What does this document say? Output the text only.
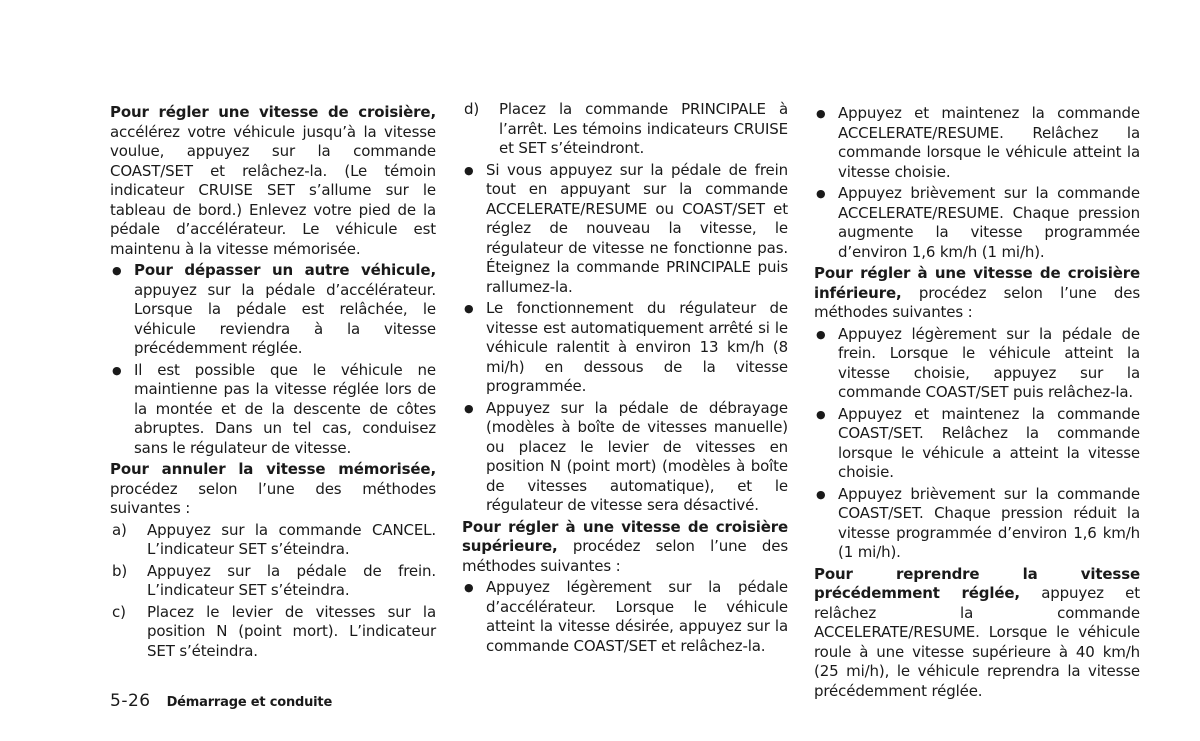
Pour régler une vitesse de croisière, accélérez votre véhicule jusqu’à la vitesse voulue, appuyez sur la commande COAST/SET et relâchez-la. (Le témoin indicateur CRUISE SET s’allume sur le tableau de bord.) Enlevez votre pied de la pédale d’accélérateur. Le véhicule est maintenu à la vitesse mémorisée.

● Pour dépasser un autre véhicule, appuyez sur la pédale d’accélérateur. Lorsque la pédale est relâchée, le véhicule reviendra à la vitesse précédemment réglée.
● Il est possible que le véhicule ne maintienne pas la vitesse réglée lors de la montée et de la descente de côtes abruptes. Dans un tel cas, conduisez sans le régulateur de vitesse.

Pour annuler la vitesse mémorisée, procédez selon l’une des méthodes suivantes :

a)	Appuyez sur la commande CANCEL. L’indicateur SET s’éteindra.
b)	Appuyez sur la pédale de frein. L’indicateur SET s’éteindra.
c)	Placez le levier de vitesses sur la position N (point mort). L’indicateur SET s’éteindra.
d)	Placez la commande PRINCIPALE à l’arrêt. Les témoins indicateurs CRUISE et SET s’éteindront.
● Si vous appuyez sur la pédale de frein tout en appuyant sur la commande ACCELERATE/RESUME ou COAST/SET et réglez de nouveau la vitesse, le régulateur de vitesse ne fonctionne pas. Éteignez la commande PRINCIPALE puis rallumez-la.
● Le fonctionnement du régulateur de vitesse est automatiquement arrêté si le véhicule ralentit à environ 13 km/h (8 mi/h) en dessous de la vitesse programmée.
● Appuyez sur la pédale de débrayage (modèles à boîte de vitesses manuelle) ou placez le levier de vitesses en position N (point mort) (modèles à boîte de vitesses automatique), et le régulateur de vitesse sera désactivé.

Pour régler à une vitesse de croisière supérieure, procédez selon l’une des méthodes suivantes :

● Appuyez légèrement sur la pédale d’accélérateur. Lorsque le véhicule atteint la vitesse désirée, appuyez sur la commande COAST/SET et relâchez-la.
● Appuyez et maintenez la commande ACCELERATE/RESUME. Relâchez la commande lorsque le véhicule atteint la vitesse choisie.
● Appuyez brièvement sur la commande ACCELERATE/RESUME. Chaque pression augmente la vitesse programmée d’environ 1,6 km/h (1 mi/h).

Pour régler à une vitesse de croisière inférieure, procédez selon l’une des méthodes suivantes :

● Appuyez légèrement sur la pédale de frein. Lorsque le véhicule atteint la vitesse choisie, appuyez sur la commande COAST/SET puis relâchez-la.
● Appuyez et maintenez la commande COAST/SET. Relâchez la commande lorsque le véhicule a atteint la vitesse choisie.
● Appuyez brièvement sur la commande COAST/SET. Chaque pression réduit la vitesse programmée d’environ 1,6 km/h (1 mi/h).

Pour reprendre la vitesse précédemment réglée, appuyez et relâchez la commande ACCELERATE/RESUME. Lorsque le véhicule roule à une vitesse supérieure à 40 km/h (25 mi/h), le véhicule reprendra la vitesse précédemment réglée.

5-26 Démarrage et conduite
